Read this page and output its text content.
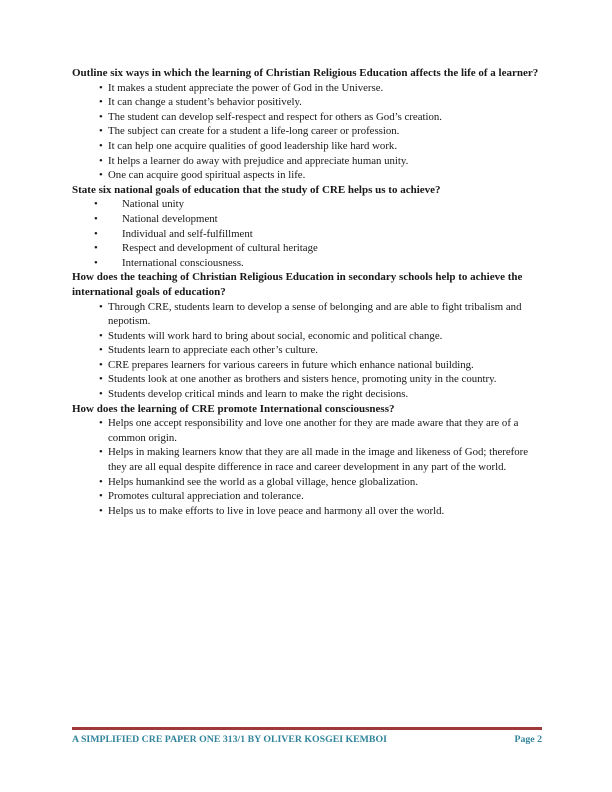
Outline six ways in which the learning of Christian Religious Education affects the life of a learner?

• It makes a student appreciate the power of God in the Universe.
• It can change a student’s behavior positively.
• The student can develop self-respect and respect for others as God’s creation.
• The subject can create for a student a life-long career or profession.
• It can help one acquire qualities of good leadership like hard work.
• It helps a learner do away with prejudice and appreciate human unity.
• One can acquire good spiritual aspects in life.

State six national goals of education that the study of CRE helps us to achieve?

• National unity
• National development
• Individual and self-fulfillment
• Respect and development of cultural heritage
• International consciousness.

How does the teaching of Christian Religious Education in secondary schools help to achieve the international goals of education?

• Through CRE, students learn to develop a sense of belonging and are able to fight tribalism and nepotism.
• Students will work hard to bring about social, economic and political change.
• Students learn to appreciate each other’s culture.
• CRE prepares learners for various careers in future which enhance national building.
• Students look at one another as brothers and sisters hence, promoting unity in the country.
• Students develop critical minds and learn to make the right decisions.

How does the learning of CRE promote International consciousness?

• Helps one accept responsibility and love one another for they are made aware that they are of a common origin.
• Helps in making learners know that they are all made in the image and likeness of God; therefore they are all equal despite difference in race and career development in any part of the world.
• Helps humankind see the world as a global village, hence globalization.
• Promotes cultural appreciation and tolerance.
• Helps us to make efforts to live in love peace and harmony all over the world.
A SIMPLIFIED CRE PAPER ONE 313/1 BY OLIVER KOSGEI KEMBOI	Page 2
